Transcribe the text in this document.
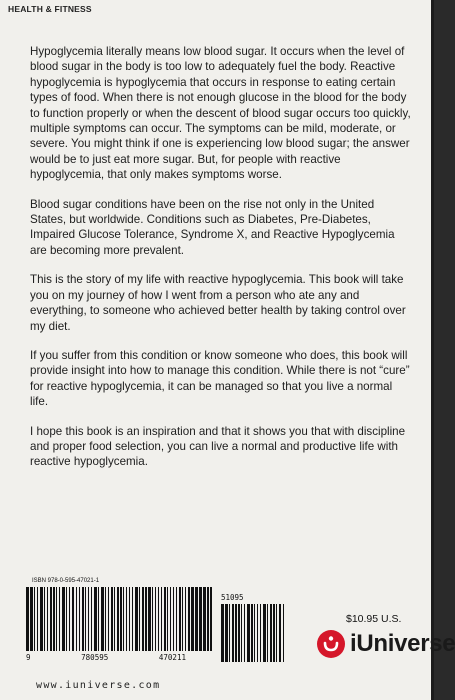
HEALTH & FITNESS

Hypoglycemia literally means low blood sugar. It occurs when the level of blood sugar in the body is too low to adequately fuel the body. Reactive hypoglycemia is hypoglycemia that occurs in response to eating certain types of food. When there is not enough glucose in the blood for the body to function properly or when the descent of blood sugar occurs too quickly, multiple symptoms can occur. The symptoms can be mild, moderate, or severe. You might think if one is experiencing low blood sugar; the answer would be to just eat more sugar. But, for people with reactive hypoglycemia, that only makes symptoms worse.

Blood sugar conditions have been on the rise not only in the United States, but worldwide. Conditions such as Diabetes, Pre-Diabetes, Impaired Glucose Tolerance, Syndrome X, and Reactive Hypoglycemia are becoming more prevalent.

This is the story of my life with reactive hypoglycemia. This book will take you on my journey of how I went from a person who ate any and everything, to someone who achieved better health by taking control over my diet.

If you suffer from this condition or know someone who does, this book will provide insight into how to manage this condition. While there is not “cure” for reactive hypoglycemia, it can be managed so that you live a normal life.

I hope this book is an inspiration and that it shows you that with discipline and proper food selection, you can live a normal and productive life with reactive hypoglycemia.

ISBN 978-0-595-47021-1
9	780595	470211
51095
www.iuniverse.com
$10.95 U.S.
iUniverse
